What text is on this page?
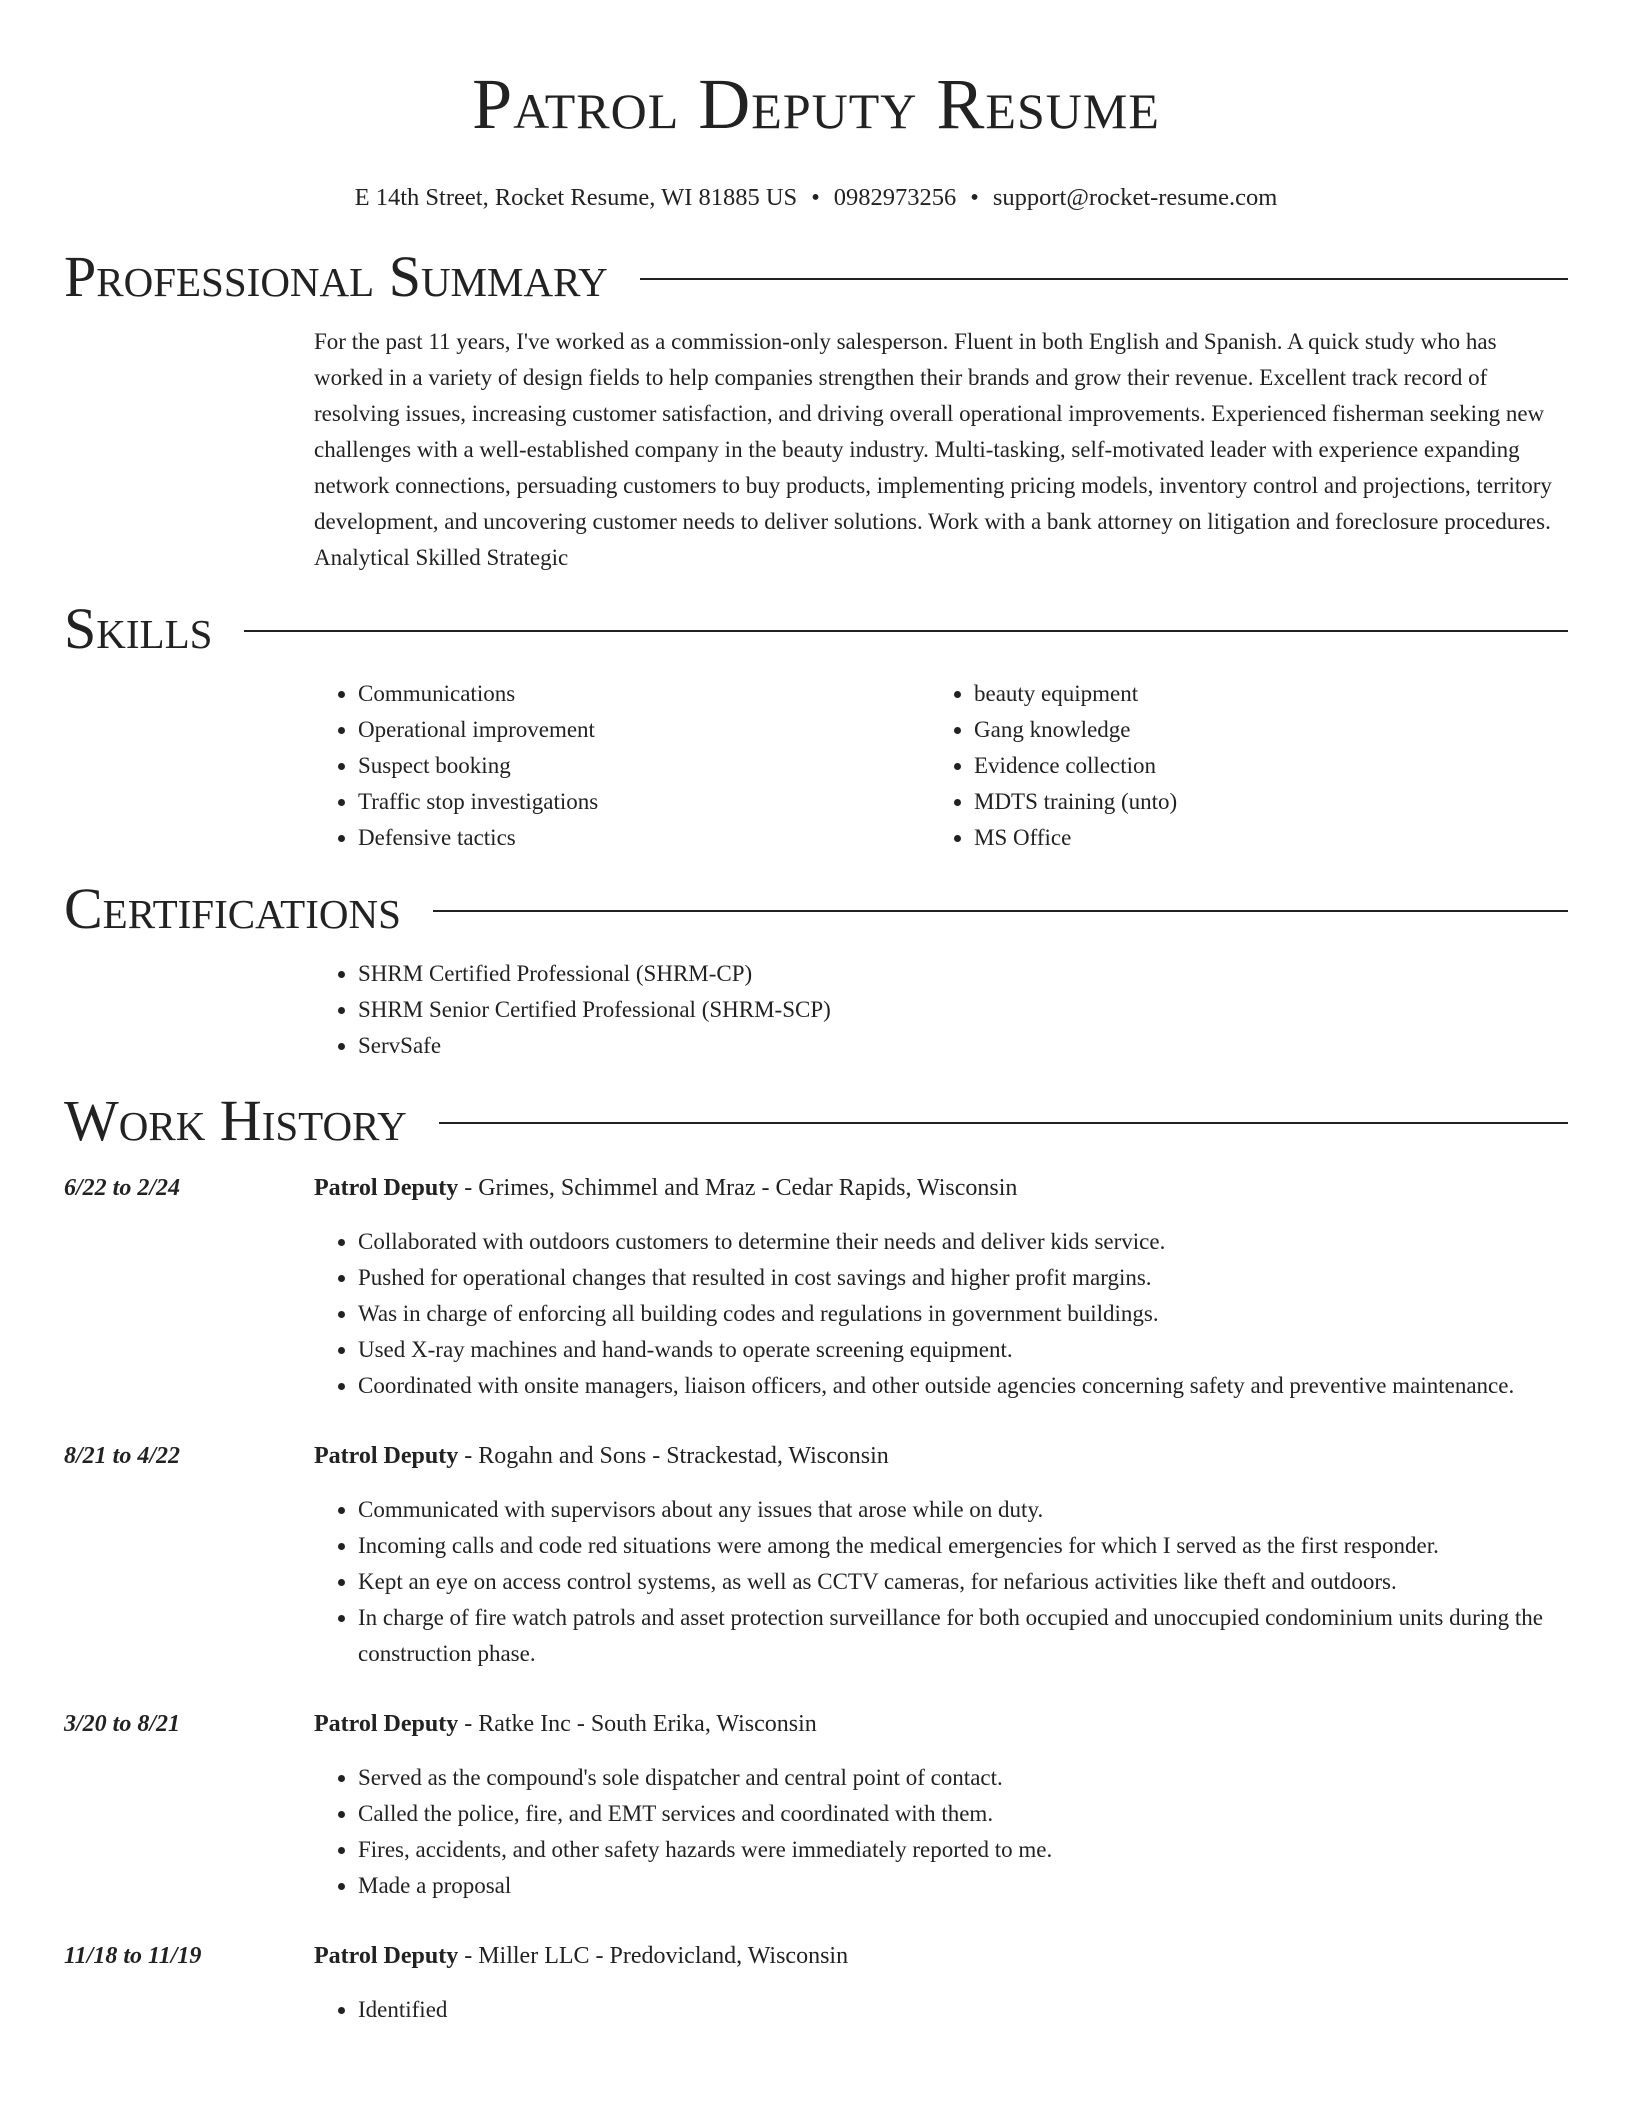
Patrol Deputy Resume
E 14th Street, Rocket Resume, WI 81885 US • 0982973256 • support@rocket-resume.com
Professional Summary

For the past 11 years, I've worked as a commission-only salesperson. Fluent in both English and Spanish. A quick study who has worked in a variety of design fields to help companies strengthen their brands and grow their revenue. Excellent track record of resolving issues, increasing customer satisfaction, and driving overall operational improvements. Experienced fisherman seeking new challenges with a well-established company in the beauty industry. Multi-tasking, self-motivated leader with experience expanding network connections, persuading customers to buy products, implementing pricing models, inventory control and projections, territory development, and uncovering customer needs to deliver solutions. Work with a bank attorney on litigation and foreclosure procedures. Analytical Skilled Strategic

Skills
• Communications
• Operational improvement
• Suspect booking
• Traffic stop investigations
• Defensive tactics
• beauty equipment
• Gang knowledge
• Evidence collection
• MDTS training (unto)
• MS Office
Certifications
• SHRM Certified Professional (SHRM-CP)
• SHRM Senior Certified Professional (SHRM-SCP)
• ServSafe
Work History
6/22 to 2/24	Patrol Deputy - Grimes, Schimmel and Mraz - Cedar Rapids, Wisconsin
• Collaborated with outdoors customers to determine their needs and deliver kids service.
• Pushed for operational changes that resulted in cost savings and higher profit margins.
• Was in charge of enforcing all building codes and regulations in government buildings.
• Used X-ray machines and hand-wands to operate screening equipment.
• Coordinated with onsite managers, liaison officers, and other outside agencies concerning safety and preventive maintenance.
8/21 to 4/22	Patrol Deputy - Rogahn and Sons - Strackestad, Wisconsin
• Communicated with supervisors about any issues that arose while on duty.
• Incoming calls and code red situations were among the medical emergencies for which I served as the first responder.
• Kept an eye on access control systems, as well as CCTV cameras, for nefarious activities like theft and outdoors.
• In charge of fire watch patrols and asset protection surveillance for both occupied and unoccupied condominium units during the construction phase.
3/20 to 8/21	Patrol Deputy - Ratke Inc - South Erika, Wisconsin
• Served as the compound's sole dispatcher and central point of contact.
• Called the police, fire, and EMT services and coordinated with them.
• Fires, accidents, and other safety hazards were immediately reported to me.
• Made a proposal
11/18 to 11/19	Patrol Deputy - Miller LLC - Predovicland, Wisconsin
• Identified
